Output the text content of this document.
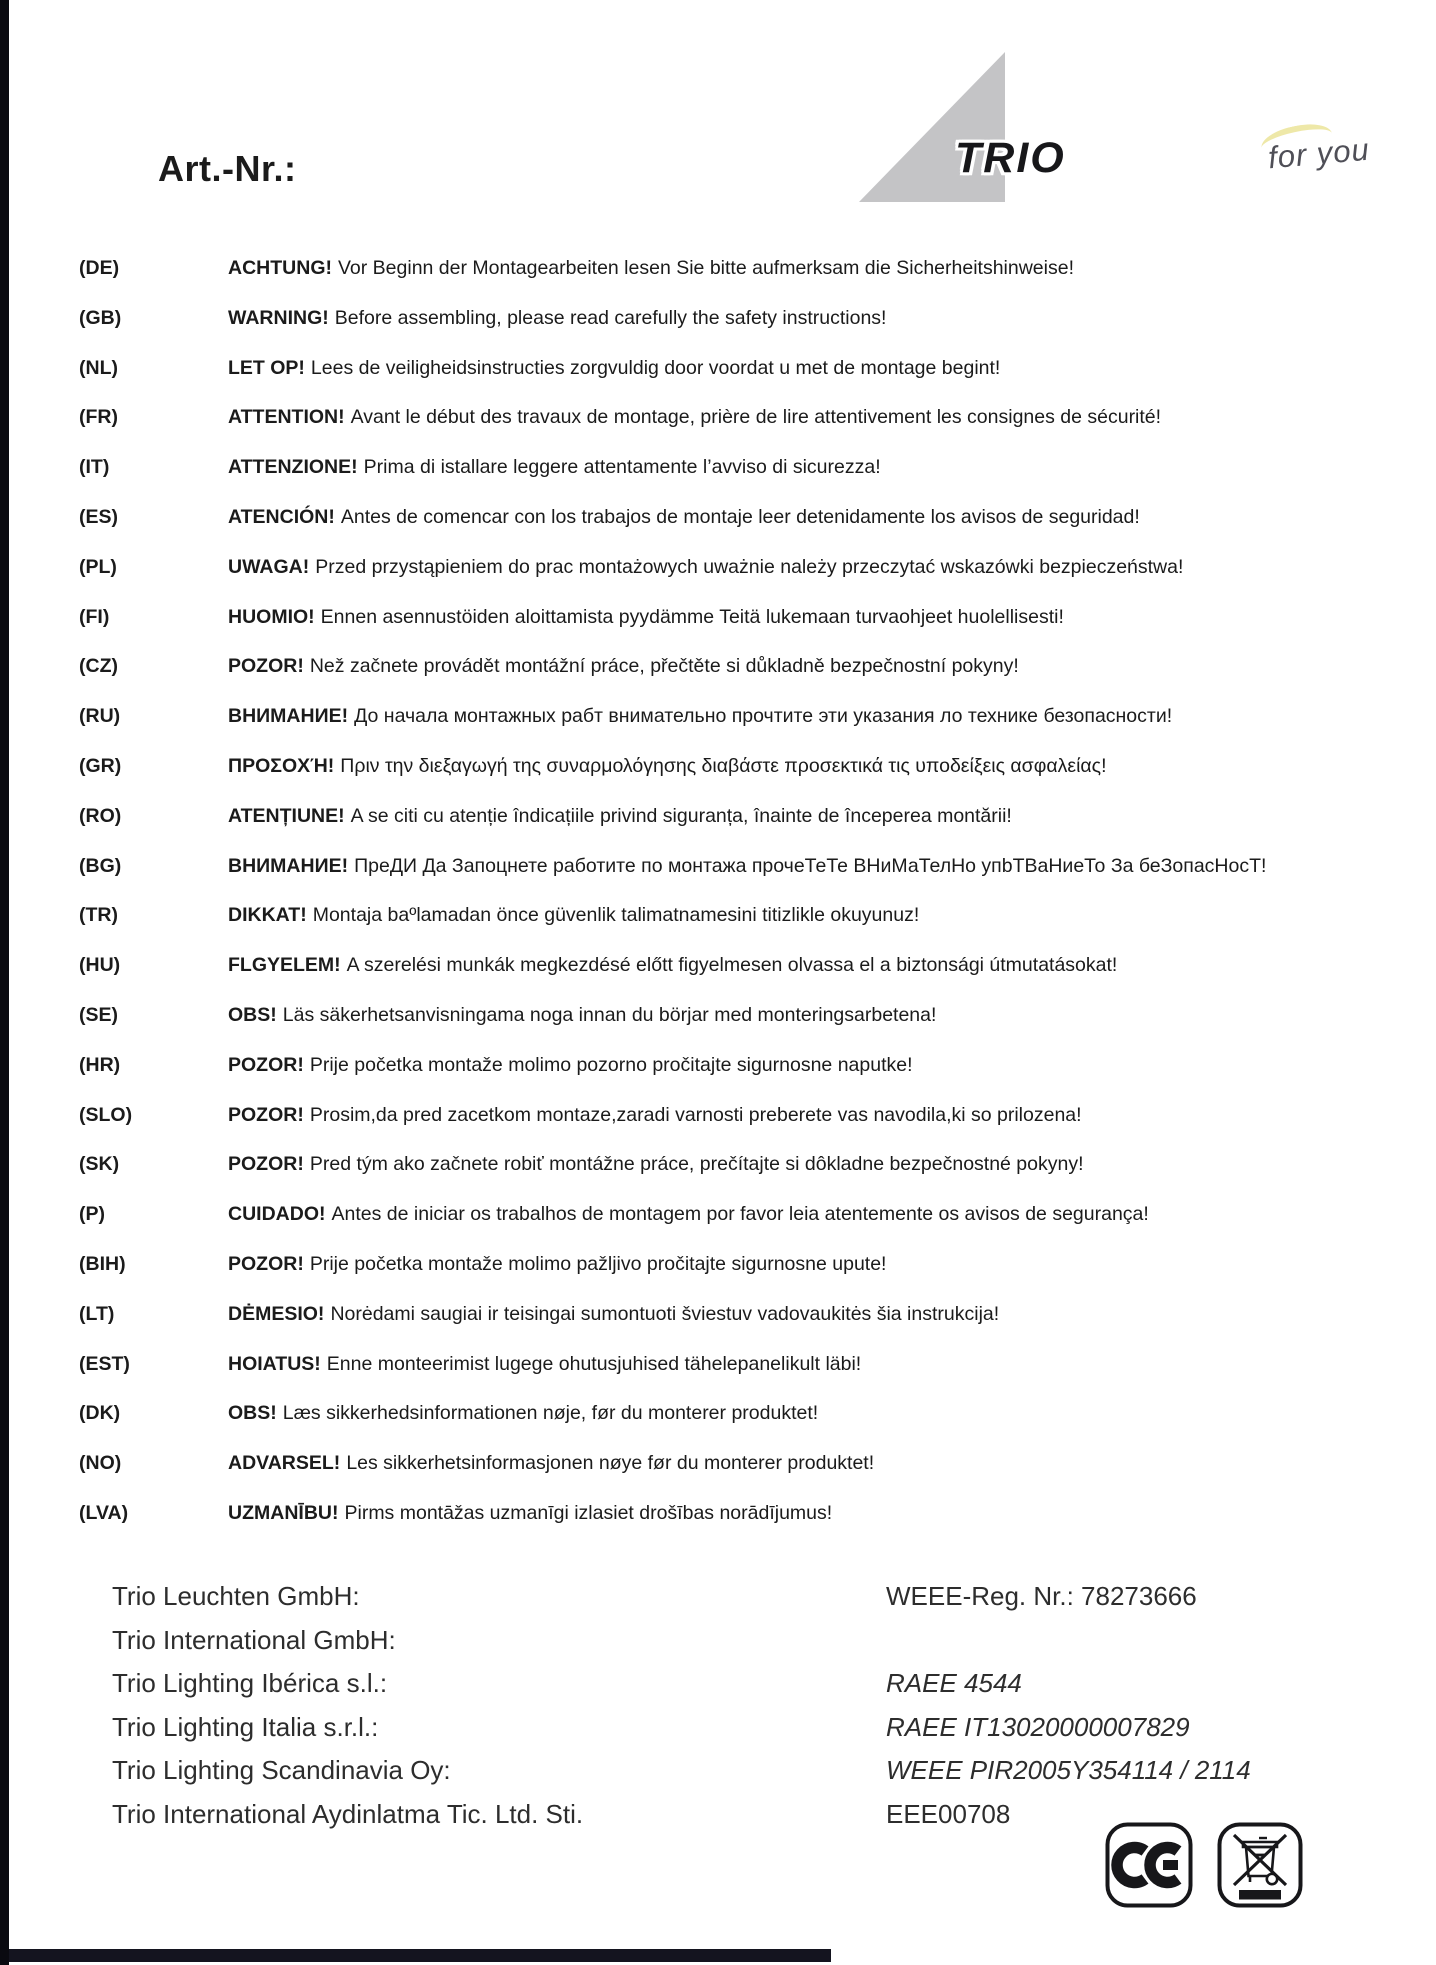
Art.-Nr.:	TRIO	for you
(DE)	ACHTUNG! Vor Beginn der Montagearbeiten lesen Sie bitte aufmerksam die Sicherheitshinweise!
(GB)	WARNING! Before assembling, please read carefully the safety instructions!
(NL)	LET OP! Lees de veiligheidsinstructies zorgvuldig door voordat u met de montage begint!
(FR)	ATTENTION! Avant le début des travaux de montage, prière de lire attentivement les consignes de sécurité!
(IT)	ATTENZIONE! Prima di istallare leggere attentamente l’avviso di sicurezza!
(ES)	ATENCIÓN! Antes de comencar con los trabajos de montaje leer detenidamente los avisos de seguridad!
(PL)	UWAGA! Przed przystąpieniem do prac montażowych uważnie należy przeczytać wskazówki bezpieczeństwa!
(FI)	HUOMIO! Ennen asennustöiden aloittamista pyydämme Teitä lukemaan turvaohjeet huolellisesti!
(CZ)	POZOR! Než začnete provádět montážní práce, přečtěte si důkladně bezpečnostní pokyny!
(RU)	ВНИМАНИЕ! До начала монтажных рабт внимательно прочтите эти указания ло технике безопасности!
(GR)	ΠΡΟΣΟΧΉ! Πριν την διεξαγωγή της συναρμολόγησης διαβάστε προσεκτικά τις υποδείξεις ασφαλείας!
(RO)	ATENȚIUNE! A se citi cu atenție îndicațiile privind siguranța, înainte de începerea montării!
(BG)	ВНИМАНИЕ! ПреДИ Да Запоцнете работите по монтажа прочеТеТе ВНиМаТелНо упbТВаНиеТо За беЗопасНосТ!
(TR)	DIKKAT! Montaja baºlamadan önce güvenlik talimatnamesini titizlikle okuyunuz!
(HU)	FLGYELEM! A szerelési munkák megkezdésé előtt figyelmesen olvassa el a biztonsági útmutatásokat!
(SE)	OBS! Läs säkerhetsanvisningama noga innan du börjar med monteringsarbetena!
(HR)	POZOR! Prije početka montaže molimo pozorno pročitajte sigurnosne naputke!
(SLO)	POZOR! Prosim,da pred zacetkom montaze,zaradi varnosti preberete vas navodila,ki so prilozena!
(SK)	POZOR! Pred tým ako začnete robiť montážne práce, prečítajte si dôkladne bezpečnostné pokyny!
(P)	CUIDADO! Antes de iniciar os trabalhos de montagem por favor leia atentemente os avisos de segurança!
(BIH)	POZOR! Prije početka montaže molimo pažljivo pročitajte sigurnosne upute!
(LT)	DĖMESIO! Norėdami saugiai ir teisingai sumontuoti šviestuv vadovaukitės šia instrukcija!
(EST)	HOIATUS! Enne monteerimist lugege ohutusjuhised tähelepanelikult läbi!
(DK)	OBS! Læs sikkerhedsinformationen nøje, før du monterer produktet!
(NO)	ADVARSEL! Les sikkerhetsinformasjonen nøye før du monterer produktet!
(LVA)	UZMANĪBU! Pirms montāžas uzmanīgi izlasiet drošības norādījumus!
Trio Leuchten GmbH:	WEEE-Reg. Nr.: 78273666
Trio International GmbH:
Trio Lighting Ibérica s.l.:	RAEE 4544
Trio Lighting Italia s.r.l.:	RAEE IT13020000007829
Trio Lighting Scandinavia Oy:	WEEE PIR2005Y354114 / 2114
Trio International Aydinlatma Tic. Ltd. Sti.	EEE00708
